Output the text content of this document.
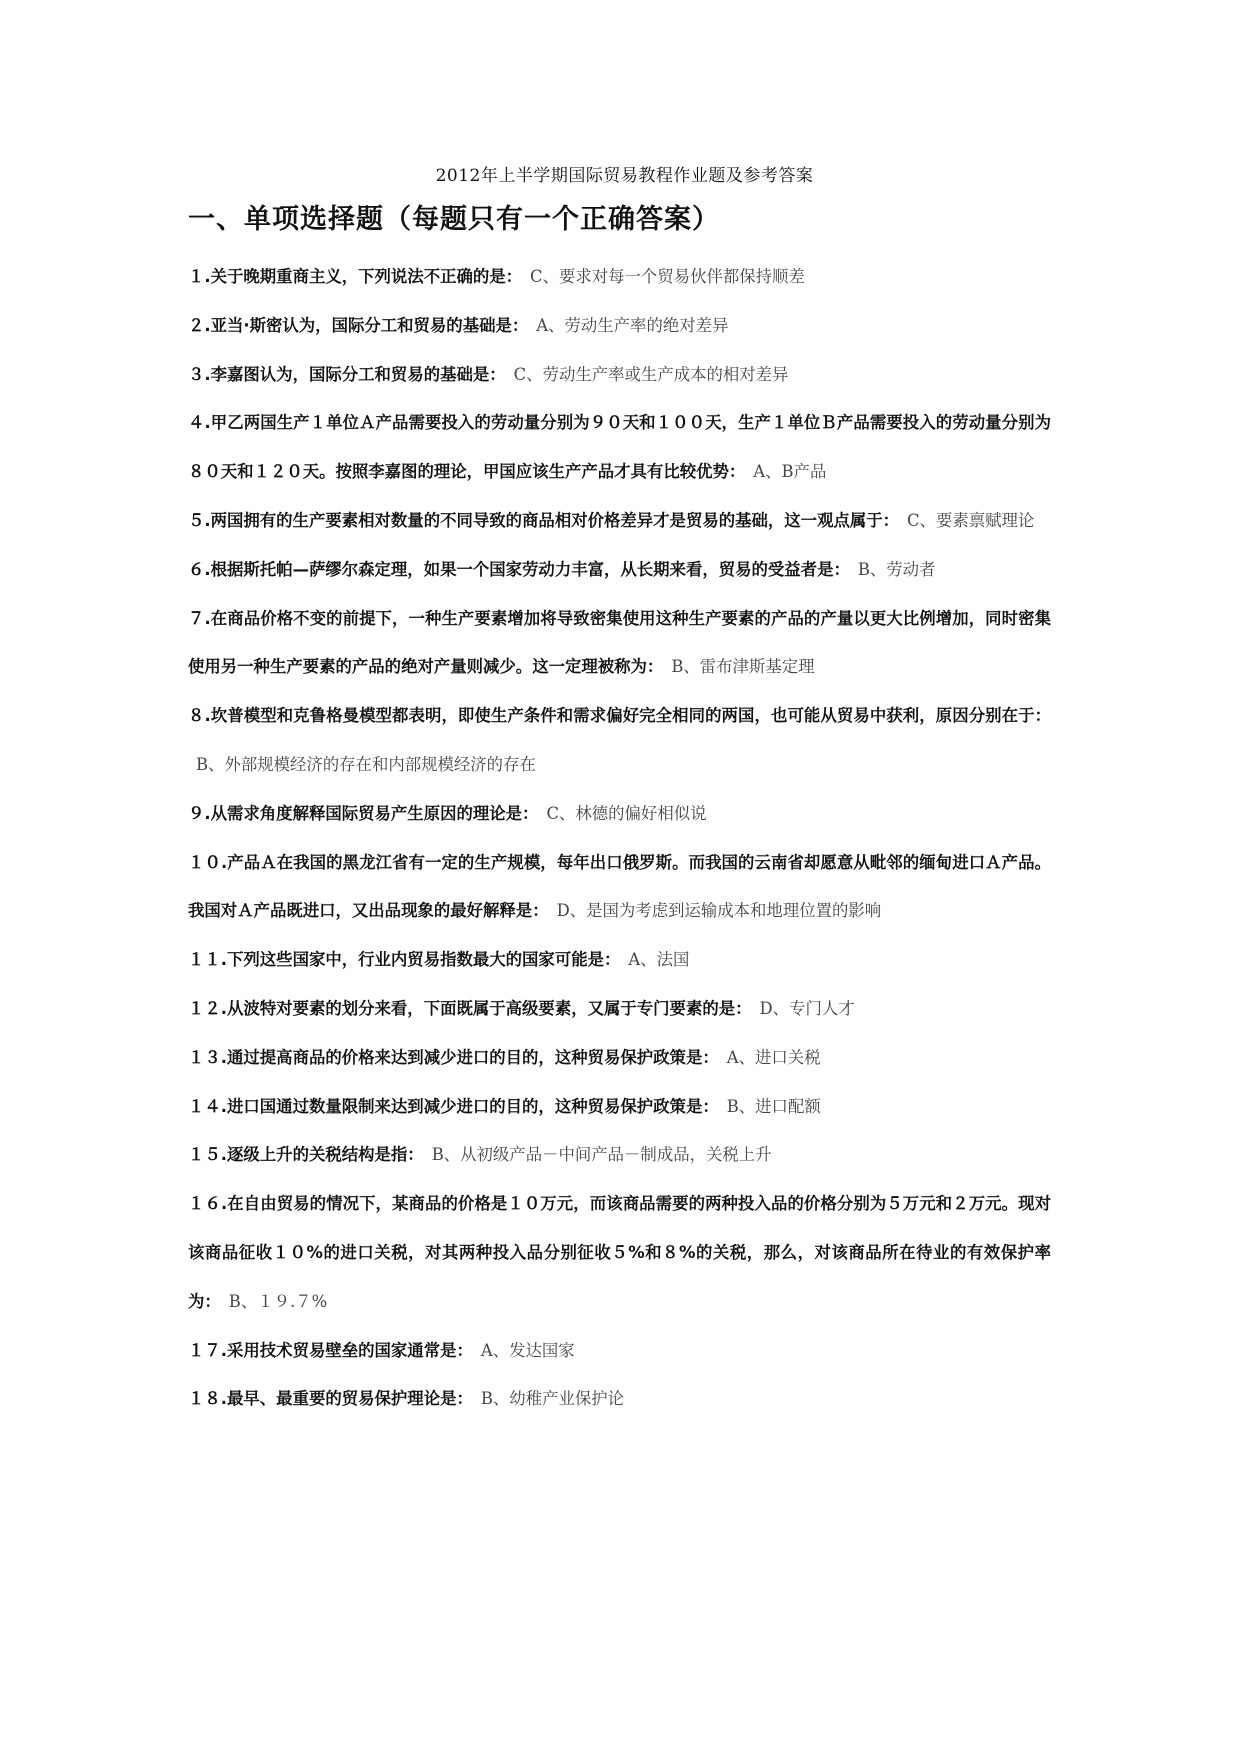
2012年上半学期国际贸易教程作业题及参考答案
一、单项选择题（每题只有一个正确答案）
１.关于晚期重商主义，下列说法不正确的是： C、要求对每一个贸易伙伴都保持顺差
２.亚当·斯密认为，国际分工和贸易的基础是： A、劳动生产率的绝对差异
３.李嘉图认为，国际分工和贸易的基础是： C、劳动生产率或生产成本的相对差异
４.甲乙两国生产１单位Ａ产品需要投入的劳动量分别为９０天和１００天，生产１单位Ｂ产品需要投入的劳动量分别为８０天和１２０天。按照李嘉图的理论，甲国应该生产产品才具有比较优势： A、B产品
５.两国拥有的生产要素相对数量的不同导致的商品相对价格差异才是贸易的基础，这一观点属于： C、要素禀赋理论
６.根据斯托帕—萨缪尔森定理，如果一个国家劳动力丰富，从长期来看，贸易的受益者是： B、劳动者
７.在商品价格不变的前提下，一种生产要素增加将导致密集使用这种生产要素的产品的产量以更大比例增加，同时密集使用另一种生产要素的产品的绝对产量则减少。这一定理被称为： B、雷布津斯基定理
８.坎普模型和克鲁格曼模型都表明，即使生产条件和需求偏好完全相同的两国，也可能从贸易中获利，原因分别在于：B、外部规模经济的存在和内部规模经济的存在
９.从需求角度解释国际贸易产生原因的理论是： C、林德的偏好相似说
１０.产品Ａ在我国的黑龙江省有一定的生产规模，每年出口俄罗斯。而我国的云南省却愿意从毗邻的缅甸进口Ａ产品。我国对Ａ产品既进口，又出品现象的最好解释是： D、是国为考虑到运输成本和地理位置的影响
１１.下列这些国家中，行业内贸易指数最大的国家可能是： A、法国
１２.从波特对要素的划分来看，下面既属于高级要素，又属于专门要素的是： D、专门人才
１３.通过提高商品的价格来达到减少进口的目的，这种贸易保护政策是： A、进口关税
１４.进口国通过数量限制来达到减少进口的目的，这种贸易保护政策是： B、进口配额
１５.逐级上升的关税结构是指： B、从初级产品－中间产品－制成品，关税上升
１６.在自由贸易的情况下，某商品的价格是１０万元，而该商品需要的两种投入品的价格分别为５万元和２万元。现对该商品征收１０%的进口关税，对其两种投入品分别征收５%和８%的关税，那么，对该商品所在待业的有效保护率为： B、１９.７%
１７.采用技术贸易壁垒的国家通常是： A、发达国家
１８.最早、最重要的贸易保护理论是： B、幼稚产业保护论
